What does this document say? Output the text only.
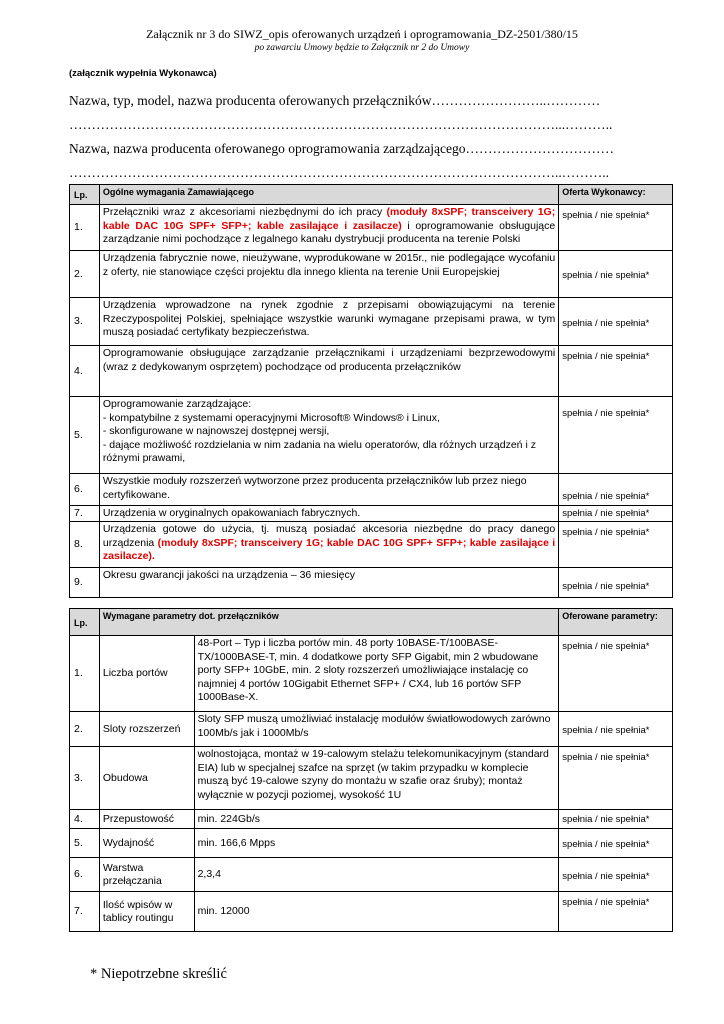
Załącznik nr 3 do SIWZ_opis oferowanych urządzeń i oprogramowania_DZ-2501/380/15
po zawarciu Umowy będzie to Załącznik nr 2 do Umowy
(załącznik wypełnia Wykonawca)
Nazwa, typ, model, nazwa producenta oferowanych przełączników……………………..…………
………………………………………………………………………………………………...………..
Nazwa, nazwa producenta oferowanego oprogramowania zarządzającego……………………………
………………………………………………………………………………………………..………..
Lp.	Ogólne wymagania Zamawiającego	Oferta Wykonawcy:
1.	Przełączniki wraz z akcesoriami niezbędnymi do ich pracy (moduły 8xSPF; transceivery 1G; kable DAC 10G SPF+ SFP+; kable zasilające i zasilacze) i oprogramowanie obsługujące zarządzanie nimi pochodzące z legalnego kanału dystrybucji producenta na terenie Polski	spełnia / nie spełnia*
2.	Urządzenia fabrycznie nowe, nieużywane, wyprodukowane w 2015r., nie podlegające wycofaniu z oferty, nie stanowiące części projektu dla innego klienta na terenie Unii Europejskiej	spełnia / nie spełnia*
3.	Urządzenia wprowadzone na rynek zgodnie z przepisami obowiązującymi na terenie Rzeczypospolitej Polskiej, spełniające wszystkie warunki wymagane przepisami prawa, w tym muszą posiadać certyfikaty bezpieczeństwa.	spełnia / nie spełnia*
4.	Oprogramowanie obsługujące zarządzanie przełącznikami i urządzeniami bezprzewodowymi (wraz z dedykowanym osprzętem) pochodzące od producenta przełączników	spełnia / nie spełnia*
5.	Oprogramowanie zarządzające:
- kompatybilne z systemami operacyjnymi Microsoft® Windows® i Linux,
- skonfigurowane w najnowszej dostępnej wersji,
- dające możliwość rozdzielania w nim zadania na wielu operatorów, dla różnych urządzeń i z różnymi prawami,	spełnia / nie spełnia*
6.	Wszystkie moduły rozszerzeń wytworzone przez producenta przełączników lub przez niego certyfikowane.	spełnia / nie spełnia*
7.	Urządzenia w oryginalnych opakowaniach fabrycznych.	spełnia / nie spełnia*
8.	Urządzenia gotowe do użycia, tj. muszą posiadać akcesoria niezbędne do pracy danego urządzenia (moduły 8xSPF; transceivery 1G; kable DAC 10G SPF+ SFP+; kable zasilające i zasilacze).	spełnia / nie spełnia*
9.	Okresu gwarancji jakości na urządzenia – 36 miesięcy	spełnia / nie spełnia*
Lp.	Wymagane parametry dot. przełączników		Oferowane parametry:
1.	Liczba portów	48-Port – Typ i liczba portów min. 48 porty 10BASE-T/100BASE-TX/1000BASE-T, min. 4 dodatkowe porty SFP Gigabit, min 2 wbudowane porty SFP+ 10GbE, min. 2 sloty rozszerzeń umożliwiające instalację co najmniej 4 portów 10Gigabit Ethernet SFP+ / CX4, lub 16 portów SFP 1000Base-X.	spełnia / nie spełnia*
2.	Sloty rozszerzeń	Sloty SFP muszą umożliwiać instalację modułów światłowodowych zarówno 100Mb/s jak i 1000Mb/s	spełnia / nie spełnia*
3.	Obudowa	wolnostojąca, montaż w 19-calowym stelażu telekomunikacyjnym (standard EIA) lub w specjalnej szafce na sprzęt (w takim przypadku w komplecie muszą być 19-calowe szyny do montażu w szafie oraz śruby); montaż wyłącznie w pozycji poziomej, wysokość 1U	spełnia / nie spełnia*
4.	Przepustowość	min. 224Gb/s	spełnia / nie spełnia*
5.	Wydajność	min. 166,6 Mpps	spełnia / nie spełnia*
6.	Warstwa przełączania	2,3,4	spełnia / nie spełnia*
7.	Ilość wpisów w tablicy routingu	min. 12000	spełnia / nie spełnia*
* Niepotrzebne skreślić
